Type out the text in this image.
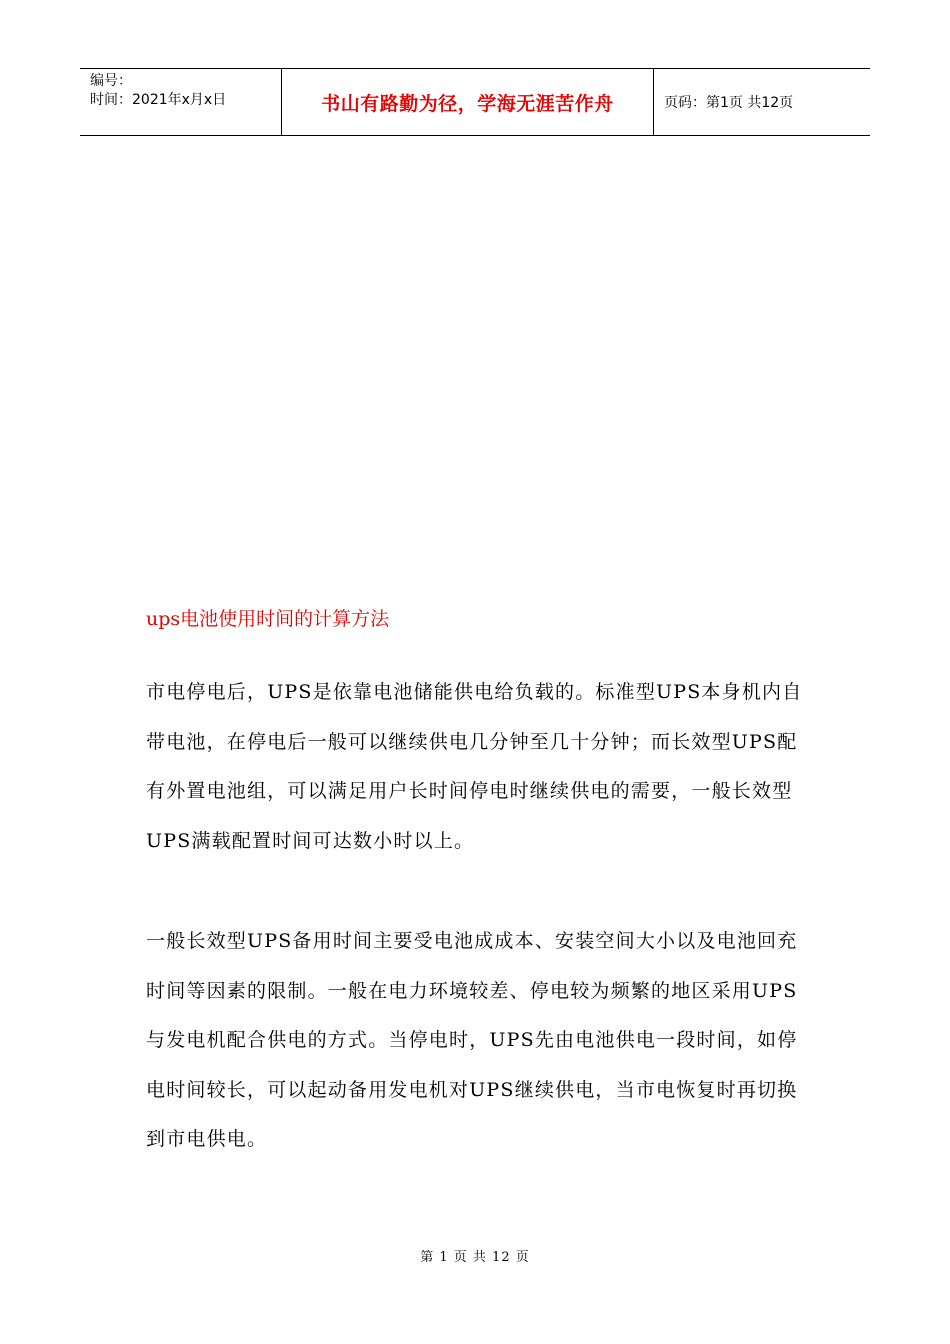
编号：
时间：2021年x月x日	书山有路勤为径，学海无涯苦作舟	页码：第1页 共12页
ups电池使用时间的计算方法

市电停电后，UPS是依靠电池储能供电给负载的。标准型UPS本身机内自带电池，在停电后一般可以继续供电几分钟至几十分钟；而长效型UPS配有外置电池组，可以满足用户长时间停电时继续供电的需要，一般长效型UPS满载配置时间可达数小时以上。

一般长效型UPS备用时间主要受电池成成本、安装空间大小以及电池回充时间等因素的限制。一般在电力环境较差、停电较为频繁的地区采用UPS与发电机配合供电的方式。当停电时，UPS先由电池供电一段时间，如停电时间较长，可以起动备用发电机对UPS继续供电，当市电恢复时再切换到市电供电。

第 1 页 共 12 页
